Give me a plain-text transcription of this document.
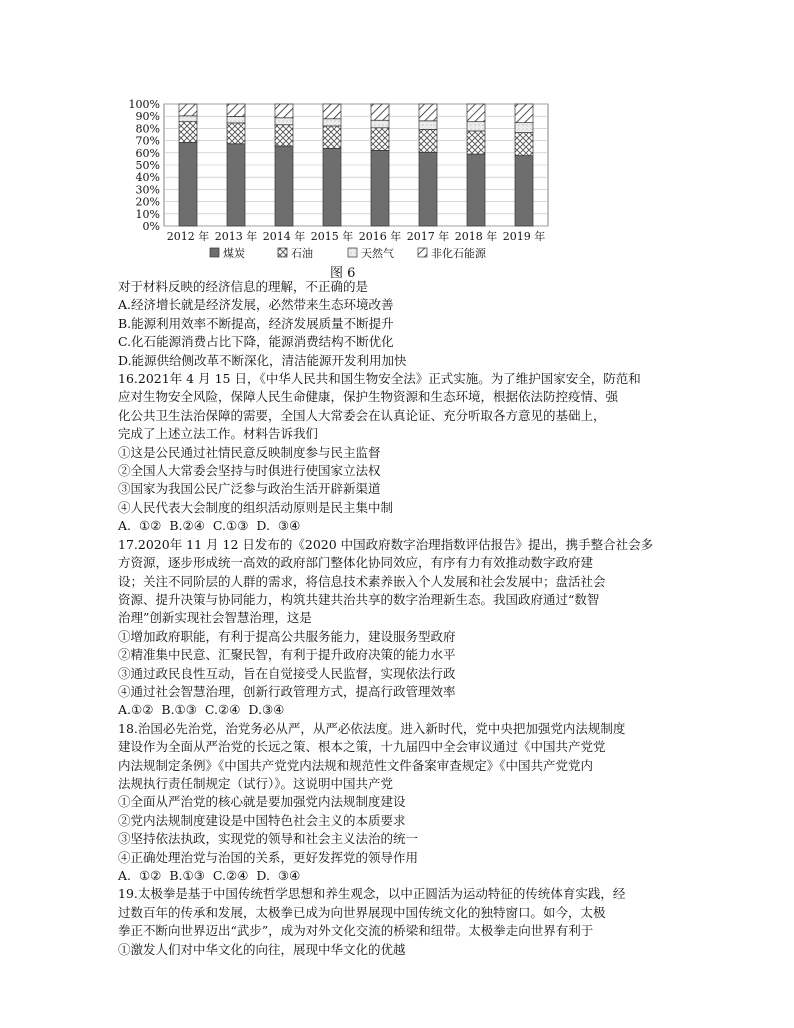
0%
10%
20%
30%
40%
50%
60%
70%
80%
90%
100%
2012 年 2013 年 2014 年 2015 年 2016 年 2017 年 2018 年 2019 年
煤炭	石油	天然气	非化石能源
图 6
对于材料反映的经济信息的理解，不正确的是
A.经济增长就是经济发展，必然带来生态环境改善
B.能源利用效率不断提高，经济发展质量不断提升
C.化石能源消费占比下降，能源消费结构不断优化
D.能源供给侧改革不断深化，清洁能源开发利用加快
16.2021年 4 月 15 日，《中华人民共和国生物安全法》正式实施。为了维护国家安全，防范和
应对生物安全风险，保障人民生命健康，保护生物资源和生态环境，根据依法防控疫情、强
化公共卫生法治保障的需要，全国人大常委会在认真论证、充分听取各方意见的基础上，
完成了上述立法工作。材料告诉我们
①这是公民通过社情民意反映制度参与民主监督
②全国人大常委会坚持与时俱进行使国家立法权
③国家为我国公民广泛参与政治生活开辟新渠道
④人民代表大会制度的组织活动原则是民主集中制
A. ①② B.②④ C.①③ D. ③④
17.2020年 11 月 12 日发布的《2020 中国政府数字治理指数评估报告》提出，携手整合社会多
方资源，逐步形成统一高效的政府部门整体化协同效应，有序有力有效推动数字政府建
设；关注不同阶层的人群的需求，将信息技术素养嵌入个人发展和社会发展中；盘活社会
资源、提升决策与协同能力，构筑共建共治共享的数字治理新生态。我国政府通过“数智
治理”创新实现社会智慧治理，这是
①增加政府职能，有利于提高公共服务能力，建设服务型政府
②精准集中民意、汇聚民智，有利于提升政府决策的能力水平
③通过政民良性互动，旨在自觉接受人民监督，实现依法行政
④通过社会智慧治理，创新行政管理方式，提高行政管理效率
A.①② B.①③ C.②④ D.③④
18.治国必先治党，治党务必从严，从严必依法度。进入新时代，党中央把加强党内法规制度
建设作为全面从严治党的长远之策、根本之策，十九届四中全会审议通过《中国共产党党
内法规制定条例》《中国共产党党内法规和规范性文件备案审查规定》《中国共产党党内
法规执行责任制规定（试行）》。这说明中国共产党
①全面从严治党的核心就是要加强党内法规制度建设
②党内法规制度建设是中国特色社会主义的本质要求
③坚持依法执政，实现党的领导和社会主义法治的统一
④正确处理治党与治国的关系，更好发挥党的领导作用
A. ①② B.①③ C.②④ D. ③④
19.太极拳是基于中国传统哲学思想和养生观念，以中正圆活为运动特征的传统体育实践，经
过数百年的传承和发展，太极拳已成为向世界展现中国传统文化的独特窗口。如今，太极
拳正不断向世界迈出“武步”，成为对外文化交流的桥梁和纽带。太极拳走向世界有利于
①激发人们对中华文化的向往，展现中华文化的优越
